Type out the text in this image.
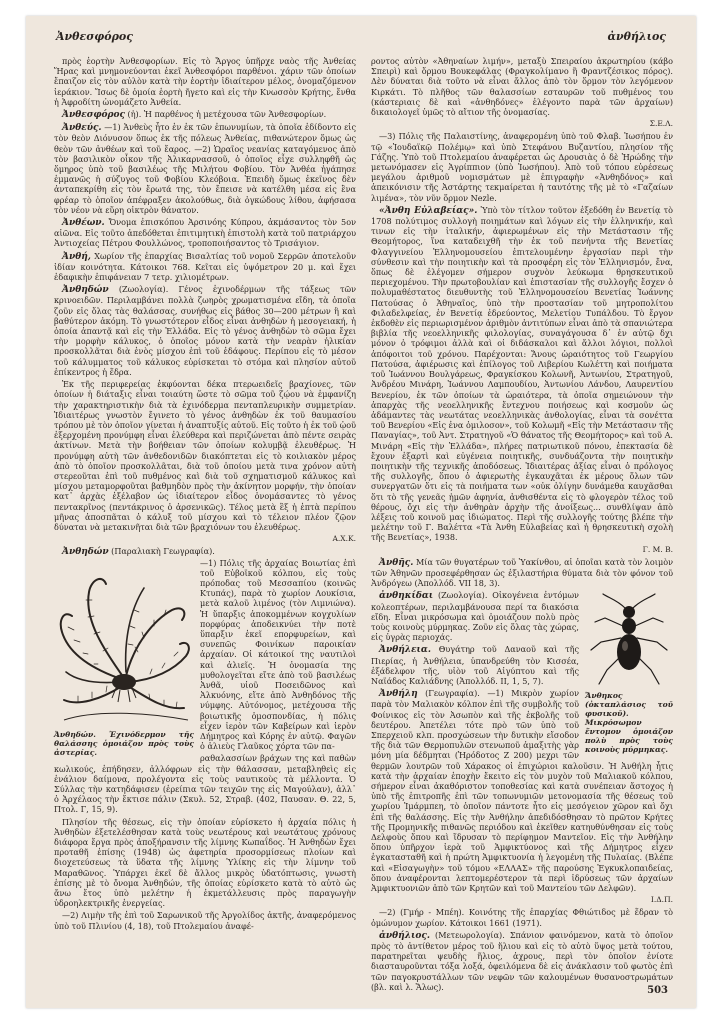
Ἀνθεσφόρος	ἀνθήλιος

πρὸς ἑορτὴν Ἀνθεσφορίων. Εἰς τὸ Ἄργος ὑπῆρχε ναὸς τῆς Ἀνθείας Ἥρας καὶ μνημονεύονται ἐκεῖ Ἀνθεσφόροι παρθένοι. χάριν τῶν ὁποίων ἔπαιζον εἰς τὸν αὐλὸν κατὰ τὴν ἑορτὴν ἰδιαίτερον μέλος, ὀνομαζόμενον ἱεράκιον. Ἴσως δὲ ὁμοία ἑορτὴ ἤγετο καὶ εἰς τὴν Κνωσσὸν Κρήτης, ἔνθα ἡ Ἀφροδίτη ὠνομάζετο Ἀνθεία.

Ἀνθεσφόρος (ἡ). Ἡ παρθένος ἡ μετέχουσα τῶν Ἀνθεσφορίων.

Ἀνθεύς. —1) Ἀνθεὺς ἦτο ἐν ἐκ τῶν ἐπωνυμίων, τὰ ὁποῖα ἐδίδοντο εἰς τὸν θεὸν Διόνυσον ὅπως ἐκ τῆς πόλεως Ἀνθείας, πιθανώτερον ὅμως ὡς θεὸν τῶν ἀνθέων καὶ τοῦ ἔαρος. —2) Ὡραῖος νεανίας καταγόμενος ἀπὸ τὸν βασιλικὸν οἶκον τῆς Ἀλικαρνασσοῦ, ὁ ὁποῖος εἶχε συλληφθῆ ὡς ὅμηρος ὑπὸ τοῦ βασιλέως τῆς Μιλήτου Φοβίου. Τὸν Ἀνθέα ἠγάπησε ἐμμανῶς ἡ σύζυγος τοῦ Φοβίου Κλεόβοια. Ἐπειδὴ ὅμως ἐκεῖνος δὲν ἀνταπεκρίθη εἰς τὸν ἔρωτά της, τὸν ἔπεισε νὰ κατέλθη μέσα εἰς ἓνα φρέαρ τὸ ὁποῖον ἀπέφραξεν ἀκολούθως, διὰ ὀγκώδους λίθου, ἀφήσασα τὸν νέον νὰ εὕρη οἰκτρὸν θάνατον.

Ἀνθέων. Ὄνομα ἐπισκόπου Ἀρσινόης Κύπρου, ἀκμάσαντος τὸν 5ον αἰῶνα. Εἰς τοῦτο ἀπεδόθεται ἐπιτιμητικὴ ἐπιστολὴ κατὰ τοῦ πατριάρχου Ἀντιοχείας Πέτρου Φουλλώνος, τροποποιήσαντος τὸ Τρισάγιον.

Ἀνθή, Χωρίον τῆς ἐπαρχίας Βισαλτίας τοῦ νομοῦ Σερρῶν ἀποτελοῦν ἰδίαν κοινότητα. Κάτοικοι 768. Κεῖται εἰς ὑψόμετρον 20 μ. καὶ ἔχει ἐδαφικὴν ἐπιφάνειαν 7 τετρ. χιλιομέτρων.

Ἀνθηδών (Ζωολογία). Γένος ἐχινοδέρμων τῆς τάξεως τῶν κρινοειδῶν. Περιλαμβάνει πολλὰ ζωηρὸς χρωματισμένα εἴδη, τὰ ὁποῖα ζοῦν εἰς ὅλας τὰς θαλάσσας, συνήθως εἰς βάθος 30—200 μέτρων ἢ καὶ βαθύτερον ἀκόμη. Τὸ γνωστότερον εἶδος εἶναι ἀνθηδὼν ἡ μεσογειακή, ἡ ὁποία ἀπαντᾷ καὶ εἰς τὴν Ἑλλάδα. Εἰς τὸ γένος ἀνθηδὼν τὸ σῶμα ἔχει τὴν μορφὴν κάλυκος, ὁ ὁποῖος μόνον κατὰ τὴν νεαρὰν ἡλικίαν προσκολλᾶται διὰ ἑνὸς μίσχου ἐπὶ τοῦ ἐδάφους. Περίπου εἰς τὸ μέσον τοῦ κάλυμματος τοῦ κάλυκος εὑρίσκεται τὸ στόμα καὶ πλησίον αὐτοῦ ἐπίκεντρος ἡ ἕδρα.

Ἐκ τῆς περιφερείας ἐκφύονται δέκα πτερωειδεῖς βραχίονες, τῶν ὁποίων ἡ διάταξις εἶναι τοιαύτη ὥστε τὸ σῶμα τοῦ ζῴου νὰ ἐμφανίζη τὴν χαρακτηριστικὴν διὰ τὰ ἐχινόδερμα πενταπλευρικὴν συμμετρίαν. Ἰδιαιτέρως γνωστὸν ἔγινετο τὸ γένος ἀνθηδὼν ἐκ τοῦ θαυμασίου τρόπου μὲ τὸν ὁποῖον γίνεται ἡ ἀναπτυξίς αὐτοῦ. Εἰς τοῦτο ἡ ἐκ τοῦ ᾠοῦ ἐξερχομένη προνύμφη εἶναι ἐλεύθερα καὶ περιζώνεται ἀπὸ πέντε σειρὰς ἀκτίνων. Μετὰ τὴν βοήθειαν τῶν ὁποίων κολυμβᾷ ἐλευθέρως. Ἡ προνύμφη αὐτὴ τῶν ἀνθεδονιδῶν διακόπτεται εἰς τὸ κοιλιακὸν μέρος ἀπὸ τὸ ὁποῖον προσκολλᾶται, διὰ τοῦ ὁποίου μετὰ τινα χρόνον αὐτὴ στερεοῦται ἐπὶ τοῦ πυθμένος καὶ διὰ τοῦ σχηματισμοῦ κάλυκος καὶ μίσχου μεταμορφοῦται βαθμηδὸν πρὸς τὴν ἀκίνητον μορφήν, τὴν ὁποίαν κατ᾽ ἀρχὰς ἐξέλαβον ὡς ἰδιαίτερον εἶδος ὀνομάσαντες τὸ γένος πεντακρῖνος (πεντάκρινος ὁ ἀρσενικῶς). Τέλος μετὰ ἓξ ἡ ἑπτὰ περίπου μῆνας ἀποσπᾶται ὁ κάλυξ τοῦ μίσχου καὶ τὸ τέλειον πλέον ζῷον δύναται νὰ μετακινῆται διὰ τῶν βραχιόνων του ἐλευθέρως.

Α.Χ.Κ.

Ἀνθηδών (Παραλιακὴ Γεωγραφία).

Ἀνθηδών. Ἐχινόδερμον τῆς θαλάσσης ὁμοιάζον πρὸς τοὺς ἀστερίας.

—1) Πόλις τῆς ἀρχαίας Βοιωτίας ἐπὶ τοῦ Εὐβοϊκοῦ κόλπου, εἰς τοὺς πρόποδας τοῦ Μεσσαπίου (κοινῶς Κτυπάς), παρὰ τὸ χωρίον Λουκίσια, μετὰ καλοῦ λιμένος (τὸν Λιμνιώνα). Ἡ ὕπαρξις ἀποκομμένων κογχυλίων πορφύρας ἀποδεικνύει τὴν ποτὲ ὕπαρξιν ἐκεῖ επορφυρείων, καὶ συνεπῶς Φοινίκων παροικίαν ἀρχαίαν. Οἱ κάτοικοί της ναυτιλοὶ καὶ ἁλιεῖς. Ἡ ὀνομασία της μυθολογεῖται εἴτε ἀπὸ τοῦ βασιλέως Ἀνθᾶ, υἱοῦ Ποσειδῶνος καὶ Ἀλκυόνης, εἴτε ἀπὸ Ἀνθηδόνος τῆς νύμφης. Αὐτόνομος, μετέχουσα τῆς βοιωτικῆς ὁμοσπονδίας, ἡ πόλις εἶχεν ἱερὸν τῶν Καβείρων καὶ ἱερὸν Δήμητρος καὶ Κόρης ἐν αὐτῷ. Φαγῶν ὁ ἁλιεὺς Γλαῦκος χόρτα τῶν πα-

ραθαλασσίων βράχων της καὶ παθὼν κωλικούς, ἐπήδησεν, ἀλλόφρων εἰς τὴν θάλασσαν, μεταβληθεὶς εἰς ἐνάλιον δαίμονα, προλέγοντα εἰς τοὺς ναυτικοὺς τὰ μέλλοντα. Ὁ Σύλλας τὴν κατηδάφισεν (ἐρείπια τῶν τειχῶν της εἰς Μαγούλαν), ἀλλ᾽ ὁ Ἀρχέλαος τὴν ἔκτισε πάλιν (Σκυλ. 52, Στραβ. (402, Παυσαν. Θ. 22, 5, Πτολ. Γ, 15, 9).

Πλησίον τῆς θέσεως, εἰς τὴν ὁποίαν εὑρίσκετο ἡ ἀρχαία πόλις ἡ Ἀνθηδὼν ἐξετελέσθησαν κατὰ τοὺς νεωτέρους καὶ νεωτάτους χρόνους διάφορα ἔργα πρὸς ἀποξήρανσιν τῆς λίμνης Κωπαΐδος. Ἡ Ἀνθηδὼν ἔχει προταθῆ ἐπίσης (1948) ὡς ἀφετηρία προσορμίσεως πλοίων καὶ διοχετεύσεως τὰ ὕδατα τῆς λίμνης Ὑλίκης εἰς τὴν λίμνην τοῦ Μαραθῶνος. Ὑπάρχει ἐκεῖ δὲ ἄλλος μικρὸς ὑδατόπτωσις, γνωστὴ ἐπίσης μὲ τὸ ὄνομα Ἀνθηδών, τῆς ὁποίας εὑρίσκετο κατὰ τὸ αὐτὸ ὡς ἄνω ἔτος ὑπὸ μελέτην ἡ ἐκμετάλλευσις πρὸς παραγωγὴν ὑδροηλεκτρικῆς ἐνεργείας.

—2) Λιμὴν τῆς ἐπὶ τοῦ Σαρωνικοῦ τῆς Ἀργολίδος ἀκτῆς, ἀναφερόμενος ὑπὸ τοῦ Πλινίου (4, 18), τοῦ Πτολεμαίου ἀναφέ-

ροντος αὐτὸν «Ἀθηναίων λιμήν», μεταξὺ Σπειραίου ἀκρωτηρίου (κάβο Σπειρὶ) καὶ ὅρμου Βουκεφάλας (Φραγκολίμανο ἢ Φραντζέσικος πόρος). Δὲν δύναται διὰ τοῦτο νὰ εἶναι ἄλλος ἀπὸ τὸν ὅρμον τὸν λεγόμενον Κιρκάτι. Τὸ πλῆθος τῶν θαλασσίων εσταυρῶν τοῦ πυθμένος του (κάστεριαις δὲ καὶ «ἀνθηδόνες» ἐλέγοντο παρὰ τῶν ἀρχαίων) δικαιολογεῖ ὑμῶς τὸ αἴτιον τῆς ὀνομασίας.

Σ.Ε.Λ.

—3) Πόλις τῆς Παλαιστίνης, ἀναφερομένη ὑπὸ τοῦ Φλαβ. Ἰωσήπου ἐν τῷ «Ἰουδαϊκῷ Πολέμῳ» καὶ ὑπὸ Στεφάνου Βυζαντίου, πλησίον τῆς Γάζης. Ὑπὸ τοῦ Πτολεμαίου ἀναφέρεται ὡς Δρουσιὰς ὁ δὲ Ἡρώδης τὴν μετωνόμασεν εἰς Ἀγρίππιον (ὑπὸ Ἰωσήπου). Ἀπὸ τοῦ τόπου εὑρέσεως μεγάλου ἀριθμοῦ νομισμάτων μὲ ἐπιγραφὴν «Ἀνθηδόνος» καὶ ἀπεικόνισιν τῆς Ἀστάρτης τεκμαίρεται ἡ ταυτότης τῆς μὲ τὸ «Γαζαίων λιμένα», τὸν νῦν ὅρμον Nezle.

«Ἀνθη Εὐλαβείας». Ὑπὸ τὸν τίτλον τοῦτον ἐξεδόθη ἐν Βενετίᾳ τὸ 1708 πολύτιμος συλλογὴ ποιημάτων καὶ λόγων εἰς τὴν ἑλληνικήν, καὶ τινων εἰς τὴν ἰταλικήν, ἀφιερωμένων εἰς τὴν Μετάστασιν τῆς Θεομήτορος, ἵνα καταδειχθῆ τὴν ἐκ τοῦ πενήντα τῆς Βενετίας Φλαγγινείου Ἑλληνομουσείου ἐπιτελουμένην ἐργασίαν περὶ τὴν σύνθεσιν καὶ τὴν ποιητικὴν καὶ τὰ προσφέρη εἰς τὸν Ἑλληνισμόν, ἔνα, ὅπως δὲ ἐλέγομεν σήμερον συχνὸν λεύκωμα θρησκευτικοῦ περιεχομένου. Τὴν πρωτοβουλίαν καὶ ἐπιστασίαν τῆς συλλογῆς ἔσχεν ὁ πολυμαθέστατος διευθυντὴς τοῦ Ἑλληνομουσείου Βενετίας Ἰωάννης Πατούσας ὁ Ἀθηναῖος, ὑπὸ τὴν προστασίαν τοῦ μητροπολίτου Φιλαδελφείας, ἐν Βενετίᾳ ἐδρεύοντος, Μελετίου Τυπάλδου. Τὸ ἔργον ἐκδοθὲν εἰς περιωρισμένον ἀριθμὸν ἀντιτύπων εἶναι ἀπὸ τὰ σπανιώτερα βιβλία τῆς νεοελληνικῆς φιλολογίας, συναγάγουσα δ᾽ ἐν αὐτῷ δχι μόνον ὁ τρόφιμοι ἀλλὰ καὶ οἱ διδάσκαλοι καὶ ἄλλοι λόγιοι, πολλοὶ ἀπόφοιτοι τοῦ χρόνου. Παρέχονται: Ἄνους ὡραιότητος τοῦ Γεωργίου Πατούσα, ἀφιέρωσις καὶ ἐπίλογος τοῦ Λιβερίου Κωλέττη καὶ ποιήματα τοῦ Ἰωάννου Βουλγάρεως, Φραγκίσκου Κολωνῆ, Ἀντωνίου, Στρατηγοῦ, Ἀνδρέου Μινάρη, Ἰωάννου Λαμπουδίου, Ἀντωνίου Λάνδου, Λαυρεντίου Βενερίου, ἐκ τῶν ὁποίων τὰ ὡραιότερα, τὰ ὁποῖα σημειώνουν τὴν ἀπαρχὰς τῆς νεοελληνικῆς ἔντεχνου ποιήσεως καὶ κοσμοῦν ὡς ἀδάμαντες τὰς νεωτάτας νεοελληνικὰς ἀνθολογίας, εἶναι τὰ σονέττα τοῦ Βενερίου «Εἰς ἐνα ὀμιλοσον», τοῦ Κολωμῆ «Εἰς τὴν Μετάστασιν τῆς Παναγίας», τοῦ Ἀντ. Στρατηγοῦ «Ὁ θάνατος τῆς Θεομήτορος» καὶ τοῦ Α. Μινάρη «Εἰς τὴν Ἑλλάδα», πλήρες πατριωτικοῦ πόνου, ἐπεκτασία δὲ ἔχουν ἐξαρτὶ καὶ εὐγένεια ποιητικῆς, συνδυάζοντα τὴν ποιητικὴν ποιητικὴν τῆς τεχνικῆς ἀποδόσεως. Ἰδιαιτέρας ἀξίας εἶναι ὁ πρόλογος τῆς συλλογῆς, ὅπου ὁ ἀφιερωτὴς ἐγκαυχᾶται ἐκ μέρους ὅλων τῶν συνεργατῶν ὅτι εἰς τὰ ποιήματα των «οὐκ ὀλίγην δυνάμεθα καυχᾶσθαι ὅτι τὸ τῆς γενεᾶς ἡμῶν ἀφηνία, ἀνθισθέντα εἰς τὸ φλογερὸν τέλος τοῦ θέρους, ὄχι εἰς τὴν ἀνθηρὰν ἀρχὴν τῆς ἀνοίξεως... συνθλίψαν ἀπὸ λέξεις τοῦ κοινοῦ μας ἰδιώματος. Περὶ τῆς συλλογῆς τούτης βλέπε τὴν μελέτην τοῦ Γ. Βαλέττα «Τὰ Ἀνθη Εὐλαβείας καὶ ἡ θρησκευτικὴ σχολὴ τῆς Βενετίας», 1938.

Γ. Μ. Β.

Ἀνθῆς. Μία τῶν θυγατέρων τοῦ Ὑακίνθου, αἱ ὁποῖαι κατὰ τὸν λοιμὸν τῶν Ἀθηνῶν προσεφέρθησαν ὡς ἐξιλαστήρια θύματα διὰ τὸν φόνον τοῦ Ἀνδρόγεω (Ἀπολλόδ. VII 18, 3).

Ἄνθηκος (ὀκταπλάσιος τοῦ φυσικοῦ). Μικρόσωμον ἔντομον ὁμοιάζον πολὺ πρὸς τοὺς κοινοὺς μύρμηκας.

ἀνθηκίδαι (Ζωολογία). Οἰκογένεια ἐντόμων κολεοπτέρων, περιλαμβάνουσα περί τα διακόσια εἴδη. Εἶναι μικρόσωμα καὶ ὁμοιάζουν πολὺ πρὸς τοὺς κοινοὺς μύρμηκας. Ζοῦν εἰς ὅλας τὰς χώρας, εἰς ὑγρὰς περιοχάς.

Ἀνθήλεια. Θυγάτηρ τοῦ Δαναοῦ καὶ τῆς Πιερίας, ἡ Ἀνθήλεια, ὑπανδρεύθη τὸν Κισσέα, ἐξάδελφον τῆς, υἱὸν τοῦ Αἰγύπτου καὶ τῆς Ναϊάδος Καλιάδνης (Ἀπολλόδ. ΙΙ, 1, 5, 7).

Ἀνθήλη (Γεωγραφία). —1) Μικρὸν χωρίον παρὰ τὸν Μαλιακὸν κόλπον ἐπὶ τῆς συμβολῆς τοῦ Φοίνικος εἰς τὸν Ἀσωπὸν καὶ τῆς ἐκβολῆς τοῦ δευτέρου. Ἀπετέλει τότε πρὸ τῶν ὑπὸ τοῦ Σπερχειοῦ κλπ. προσχώσεων τὴν δυτικὴν εἴσοδον τῆς διὰ τῶν Θερμοπυλῶν στενωποῦ ἁμαξιτὴς γὰρ μόνη μία δέδμηται (Ἡρόδοτος Ζ 200) μεχρι τῶν θερμῶν λουτρῶν τοῦ Χάρακος οἱ ἐπιχώριοι καλοῦσιν. Ἡ Ἀνθήλη ἦτις κατὰ τὴν ἀρχαίαν ἐποχὴν ἔκειτο εἰς τὸν μυχὸν τοῦ Μαλιακοῦ κόλπου, σήμερον εἶναι ἀκαθόριστον τοποθεσίας καὶ κατὰ συνέπειαν ἄστοχος ἡ ὑπὸ τῆς ἐπιτροπῆς ἐπὶ τῶν τοπωνυμιῶν μετονομασία τῆς θέσεως τοῦ χωρίου Ἰμάρμπεη, τὸ ὁποῖον πάντοτε ἦτο εἰς μεσόγειον χῶρον καὶ ὄχι ἐπὶ τῆς θαλάσσης. Εἰς τὴν Ἀνθήλην ἀπεδιδόσθησαν τὸ πρῶτον Κρήτες τῆς Προμηνικῆς πιθανῶς περιόδου καὶ ἐκεῖθεν κατηυθύνθησαν εἰς τοὺς Δελφοὺς ὅπου καὶ ἵδρυσαν τὸ περίφημον Μαντεῖον. Εἰς τὴν Ἀνθήλην ὅπου ὑπῆρχον ἱερὰ τοῦ Ἀμφικτύονος καὶ τῆς Δήμητρος εἶχεν ἐγκατασταθῆ καὶ ἡ πρώτη Ἀμφικτυονία ἡ λεγομένη τῆς Πυλαίας. (Βλέπε καὶ «Εἰσαγωγὴν» τοῦ τόμου «ΕΛΛΑΣ» τῆς παρούσης Ἐγκυκλοπαιδείας, ὅπου ἀναφέρονται λεπτομερέστερον τὰ περὶ ἱδρύσεως τῶν ἀρχαίων Ἀμφικτυονιῶν ἀπὸ τῶν Κρητῶν καὶ τοῦ Μαντείου τῶν Δελφῶν).

Ι.Δ.Π.

—2) (Γμήρ - Μπέη). Κοινότης τῆς ἐπαρχίας Φθιώτιδος μὲ ἕδραν τὸ ὁμώνυμον χωρίον. Κάτοικοι 1661 (1971).

ἀνθήλιος. (Μετεωρολογία). Σπάνιον φαινόμενον, κατὰ τὸ ὁποῖον πρὸς τὸ ἀντίθετον μέρος τοῦ ἥλιου καὶ εἰς τὸ αὐτὸ ὕψος μετὰ τούτου, παρατηρεῖται ψευδὴς ἥλιος, ἀχρους, περὶ τὸν ὁποῖον ἐνίοτε διασταυροῦνται τόξα λοξά, ὀφειλόμενα δὲ εἰς ἀνάκλασιν τοῦ φωτὸς ἐπὶ τῶν παγοκρυστάλλων τῶν νεφῶν τῶν καλουμένων θυσανοστρωμάτων (βλ. καὶ λ. Ἅλως).	503
